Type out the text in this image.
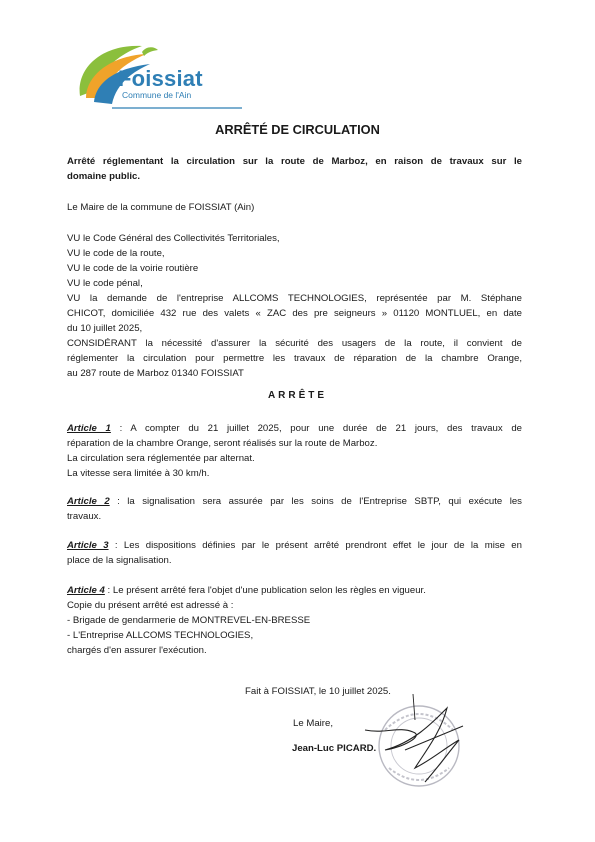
Foissiat
Commune de l'Ain
ARRÊTÉ DE CIRCULATION

Arrêté réglementant la circulation sur la route de Marboz, en raison de travaux sur le

domaine public.

Le Maire de la commune de FOISSIAT (Ain)

VU le Code Général des Collectivités Territoriales,

VU le code de la route,

VU le code de la voirie routière

VU le code pénal,

VU la demande de l'entreprise ALLCOMS TECHNOLOGIES, représentée par M. Stéphane

CHICOT, domiciliée 432 rue des valets « ZAC des pre seigneurs » 01120 MONTLUEL, en date

du 10 juillet 2025,

CONSIDÉRANT la nécessité d'assurer la sécurité des usagers de la route, il convient de

réglementer la circulation pour permettre les travaux de réparation de la chambre Orange,

au 287 route de Marboz 01340 FOISSIAT

ARRÊTE

Article 1 : A compter du 21 juillet 2025, pour une durée de 21 jours, des travaux de

réparation de la chambre Orange, seront réalisés sur la route de Marboz.

La circulation sera réglementée par alternat.

La vitesse sera limitée à 30 km/h.

Article 2 : la signalisation sera assurée par les soins de l'Entreprise SBTP, qui exécute les

travaux.

Article 3 : Les dispositions définies par le présent arrêté prendront effet le jour de la mise en

place de la signalisation.

Article 4 : Le présent arrêté fera l'objet d'une publication selon les règles en vigueur.

Copie du présent arrêté est adressé à :

- Brigade de gendarmerie de MONTREVEL-EN-BRESSE

- L'Entreprise ALLCOMS TECHNOLOGIES,

chargés d'en assurer l'exécution.

Fait à FOISSIAT, le 10 juillet 2025.

Le Maire,

Jean-Luc PICARD.
